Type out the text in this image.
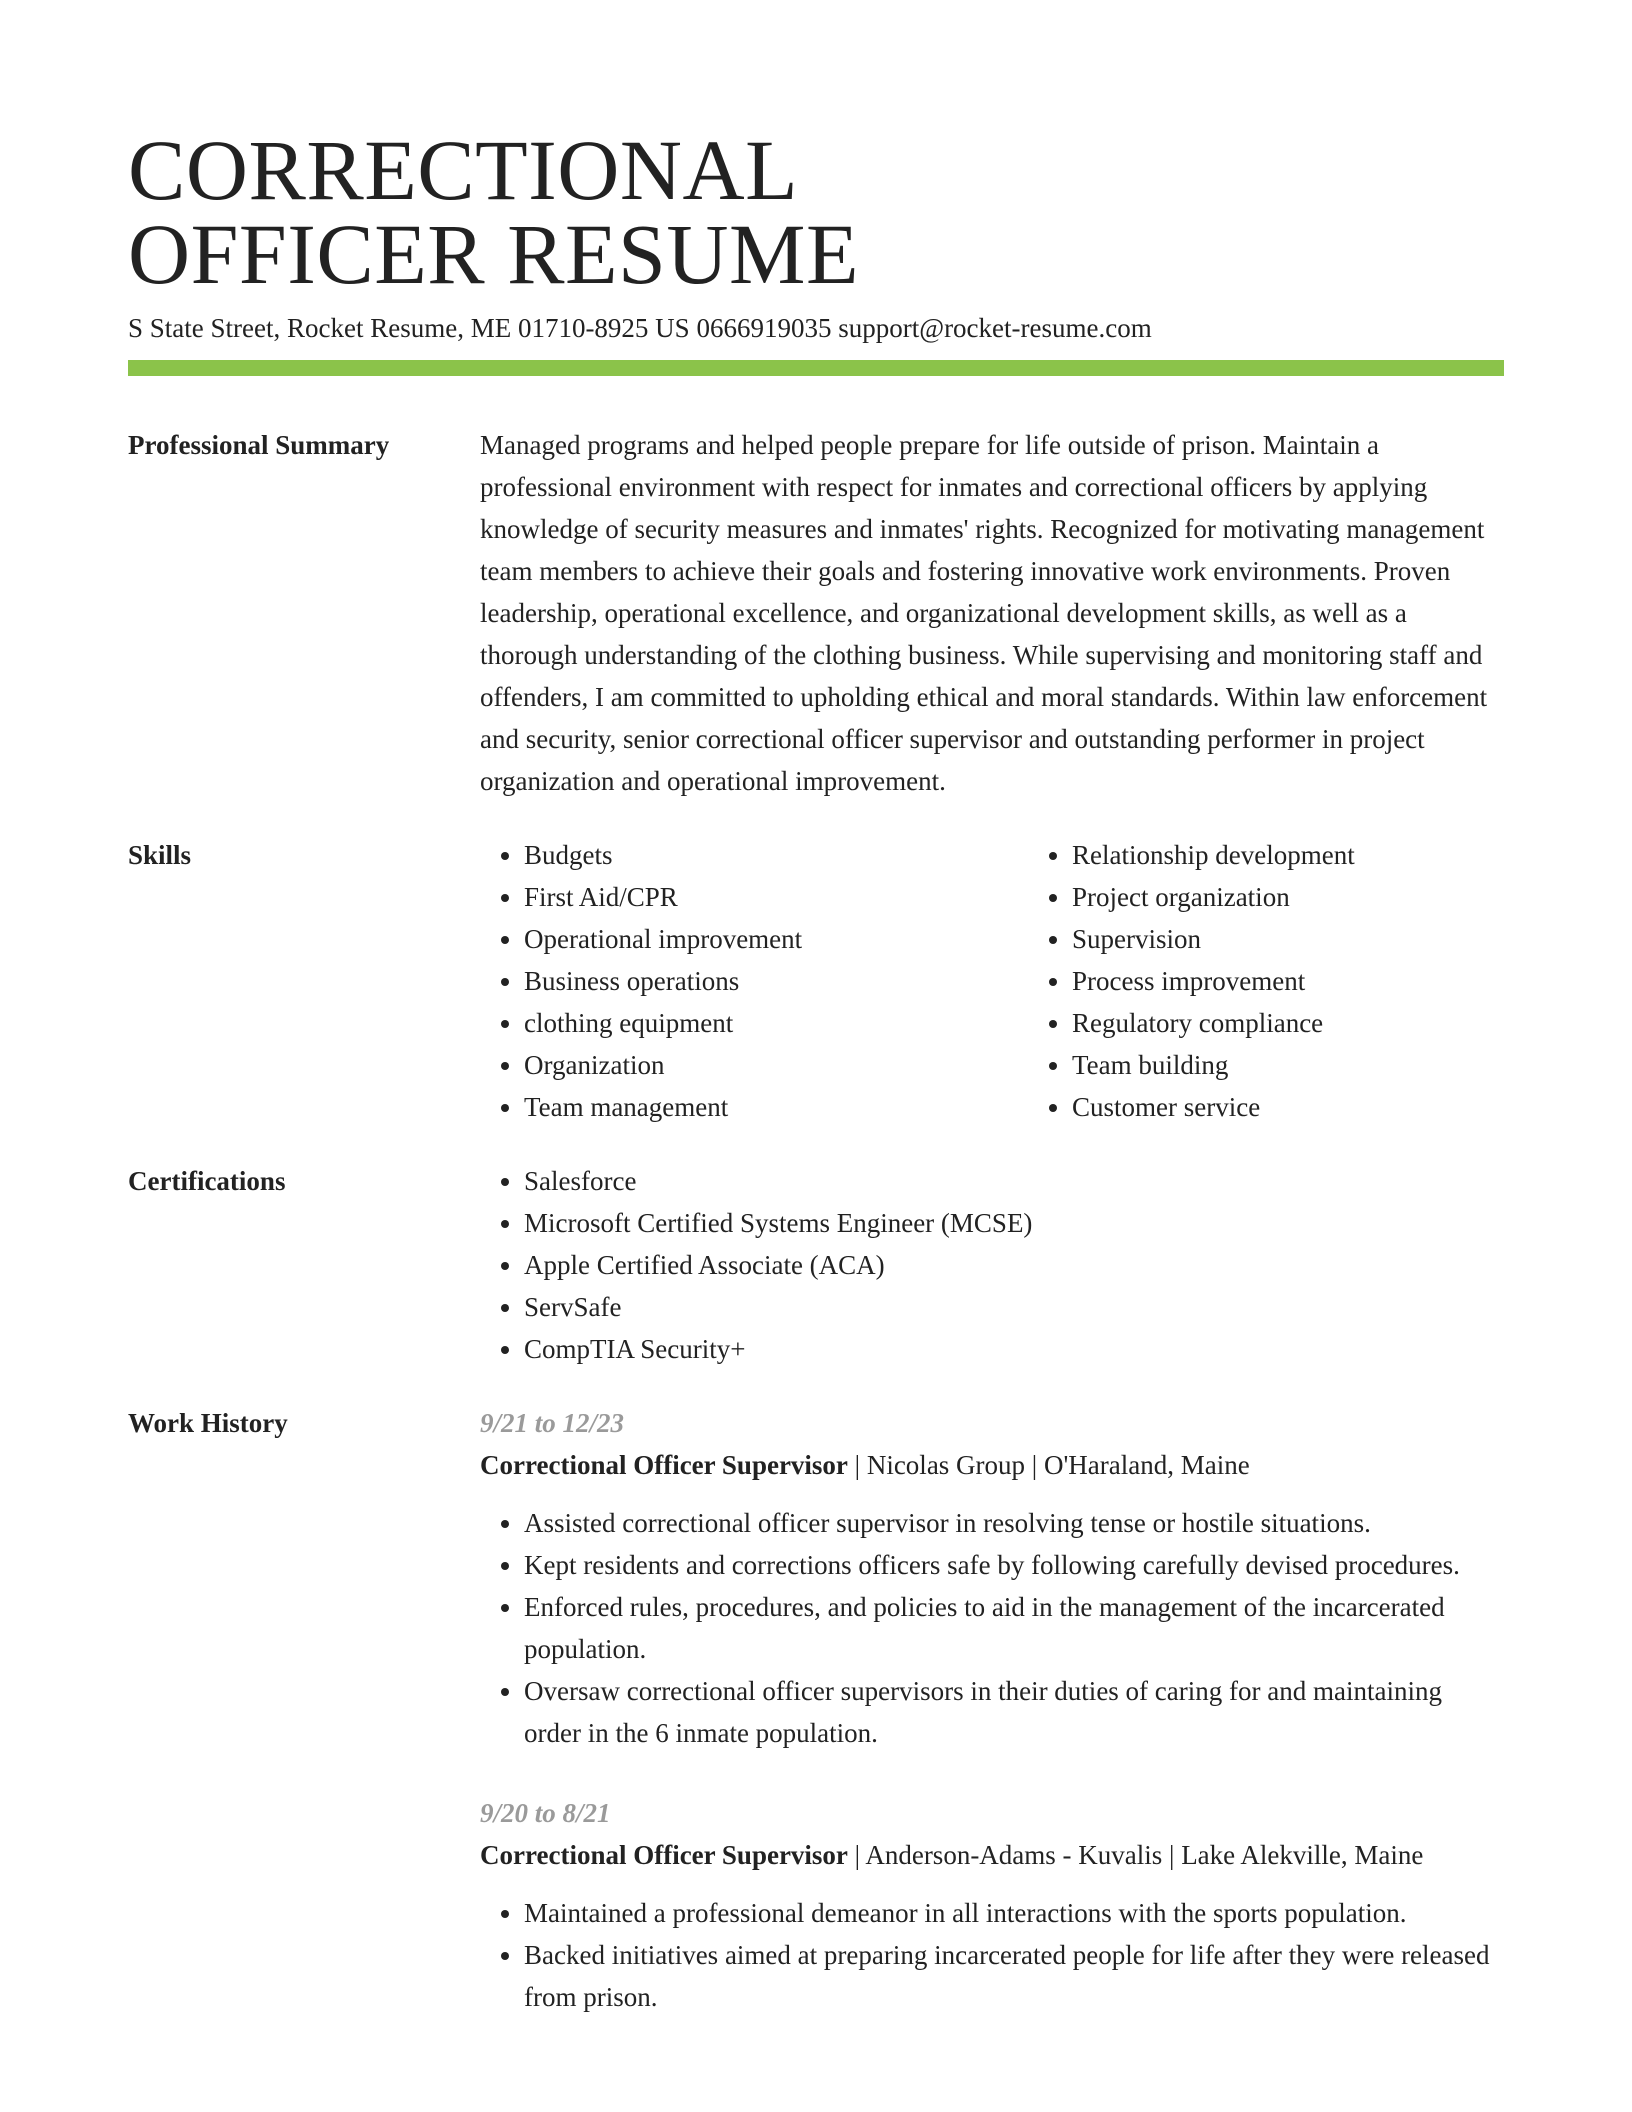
CORRECTIONAL
OFFICER RESUME
S State Street, Rocket Resume, ME 01710-8925 US 0666919035 support@rocket-resume.com
Professional Summary	Managed programs and helped people prepare for life outside of prison. Maintain a professional environment with respect for inmates and correctional officers by applying knowledge of security measures and inmates' rights. Recognized for motivating management team members to achieve their goals and fostering innovative work environments. Proven leadership, operational excellence, and organizational development skills, as well as a thorough understanding of the clothing business. While supervising and monitoring staff and offenders, I am committed to upholding ethical and moral standards. Within law enforcement and security, senior correctional officer supervisor and outstanding performer in project organization and operational improvement.
Skills	• Budgets
• First Aid/CPR
• Operational improvement
• Business operations
• clothing equipment
• Organization
• Team management
• Relationship development
• Project organization
• Supervision
• Process improvement
• Regulatory compliance
• Team building
• Customer service
Certifications	• Salesforce
• Microsoft Certified Systems Engineer (MCSE)
• Apple Certified Associate (ACA)
• ServSafe
• CompTIA Security+
Work History	9/21 to 12/23
Correctional Officer Supervisor | Nicolas Group | O'Haraland, Maine
• Assisted correctional officer supervisor in resolving tense or hostile situations.
• Kept residents and corrections officers safe by following carefully devised procedures.
• Enforced rules, procedures, and policies to aid in the management of the incarcerated population.
• Oversaw correctional officer supervisors in their duties of caring for and maintaining order in the 6 inmate population.
9/20 to 8/21
Correctional Officer Supervisor | Anderson-Adams - Kuvalis | Lake Alekville, Maine
• Maintained a professional demeanor in all interactions with the sports population.
• Backed initiatives aimed at preparing incarcerated people for life after they were released from prison.
